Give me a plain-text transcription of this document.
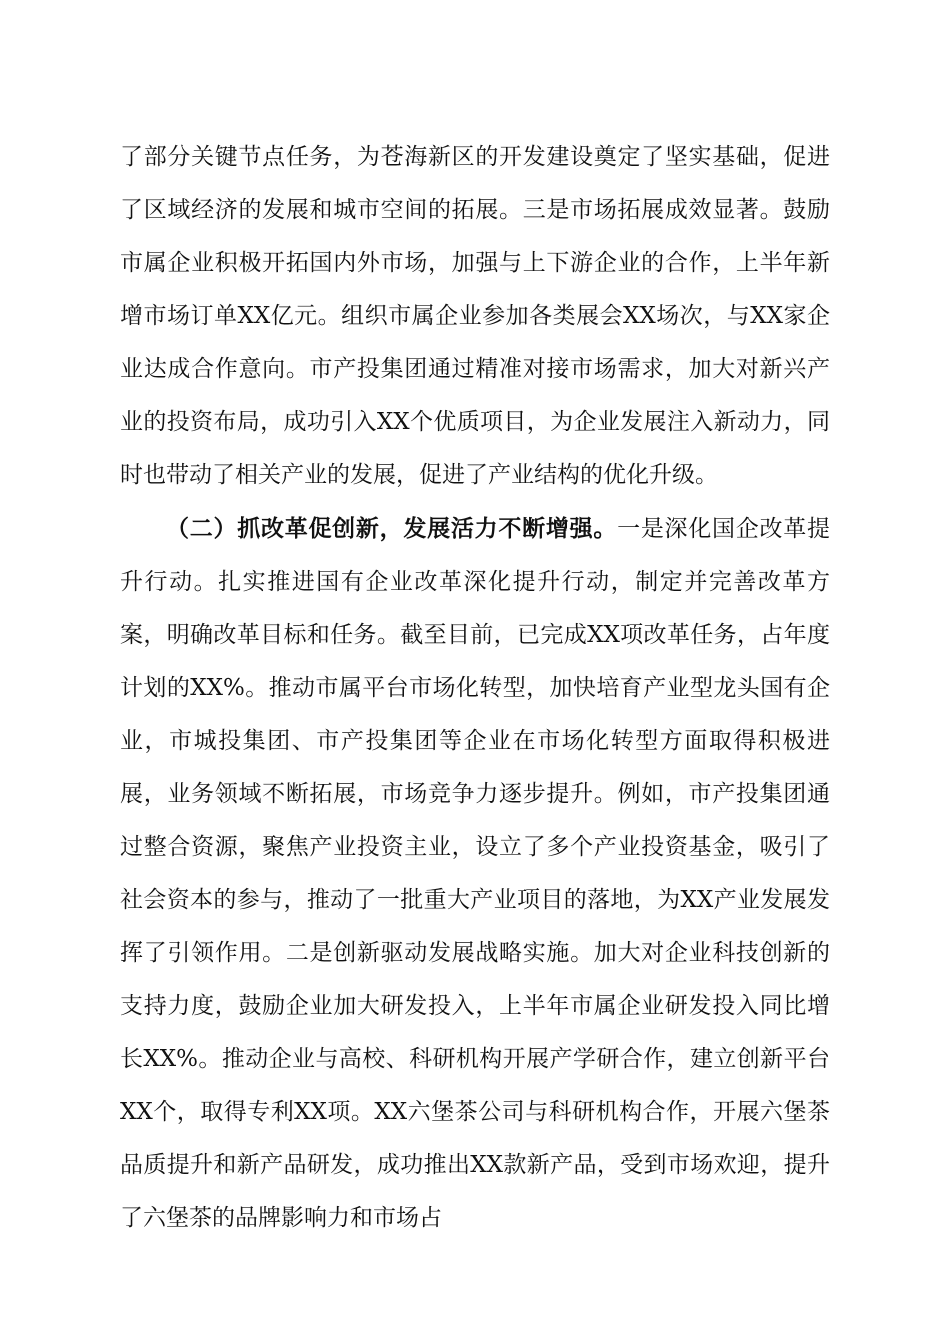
了部分关键节点任务，为苍海新区的开发建设奠定了坚实基础，促进了区域经济的发展和城市空间的拓展。三是市场拓展成效显著。鼓励市属企业积极开拓国内外市场，加强与上下游企业的合作，上半年新增市场订单XX亿元。组织市属企业参加各类展会XX场次，与XX家企业达成合作意向。市产投集团通过精准对接市场需求，加大对新兴产业的投资布局，成功引入XX个优质项目，为企业发展注入新动力，同时也带动了相关产业的发展，促进了产业结构的优化升级。

（二）抓改革促创新，发展活力不断增强。一是深化国企改革提升行动。扎实推进国有企业改革深化提升行动，制定并完善改革方案，明确改革目标和任务。截至目前，已完成XX项改革任务，占年度计划的XX%。推动市属平台市场化转型，加快培育产业型龙头国有企业，市城投集团、市产投集团等企业在市场化转型方面取得积极进展，业务领域不断拓展，市场竞争力逐步提升。例如，市产投集团通过整合资源，聚焦产业投资主业，设立了多个产业投资基金，吸引了社会资本的参与，推动了一批重大产业项目的落地，为XX产业发展发挥了引领作用。二是创新驱动发展战略实施。加大对企业科技创新的支持力度，鼓励企业加大研发投入，上半年市属企业研发投入同比增长XX%。推动企业与高校、科研机构开展产学研合作，建立创新平台XX个，取得专利XX项。XX六堡茶公司与科研机构合作，开展六堡茶品质提升和新产品研发，成功推出XX款新产品，受到市场欢迎，提升了六堡茶的品牌影响力和市场占
